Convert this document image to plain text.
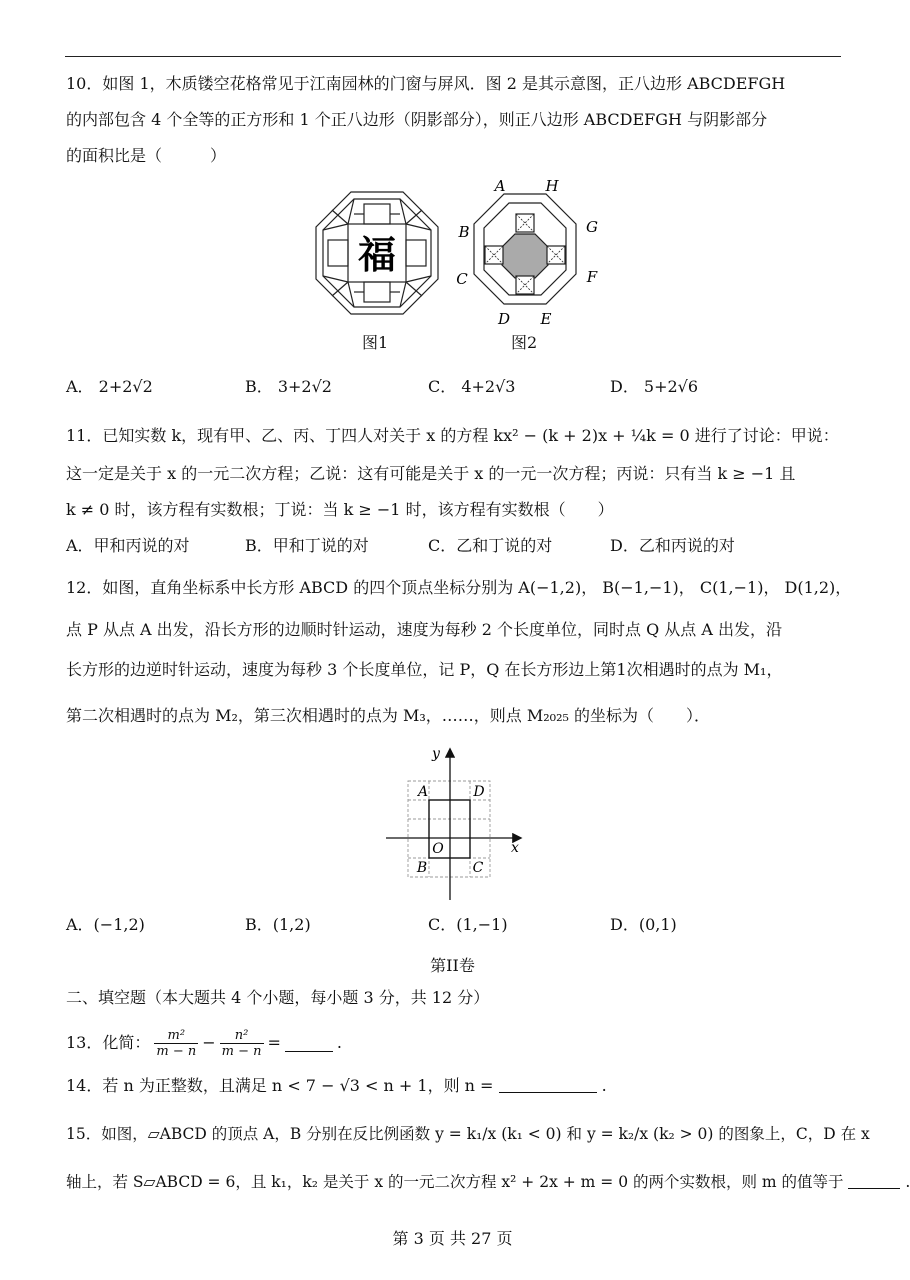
10．如图 1，木质镂空花格常见于江南园林的门窗与屏风．图 2 是其示意图，正八边形 ABCDEFGH
的内部包含 4 个全等的正方形和 1 个正八边形（阴影部分），则正八边形 ABCDEFGH 与阴影部分
的面积比是（　　　）
福
图1
A	H
B	G
C	F
D E
图2
A． 2+2√2	B． 3+2√2	C． 4+2√3	D． 5+2√6
11．已知实数 k，现有甲、乙、丙、丁四人对关于 x 的方程 kx² − (k + 2)x + ¼k = 0 进行了讨论：甲说：
这一定是关于 x 的一元二次方程；乙说：这有可能是关于 x 的一元一次方程；丙说：只有当 k ≥ −1 且
k ≠ 0 时，该方程有实数根；丁说：当 k ≥ −1 时，该方程有实数根（　　）
A．甲和丙说的对	B．甲和丁说的对	C．乙和丁说的对	D．乙和丙说的对
12．如图，直角坐标系中长方形 ABCD 的四个顶点坐标分别为 A(−1,2)， B(−1,−1)， C(1,−1)， D(1,2)，
点 P 从点 A 出发，沿长方形的边顺时针运动，速度为每秒 2 个长度单位，同时点 Q 从点 A 出发，沿
长方形的边逆时针运动，速度为每秒 3 个长度单位，记 P，Q 在长方形边上第1次相遇时的点为 M₁，
第二次相遇时的点为 M₂，第三次相遇时的点为 M₃，……，则点 M₂₀₂₅ 的坐标为（　　）．
y
x
O
A	D
B	C
A．(−1,2)	B．(1,2)	C．(1,−1)	D．(0,1)
第II卷
二、填空题（本大题共 4 个小题，每小题 3 分，共 12 分）
13．化简： m²
$m - n - \frac{\text{n²}}{m - n}$ =	.
14．若 n 为正整数，且满足 n < 7 − √3 < n + 1，则 n =	.
15．如图，▱ABCD 的顶点 A，B 分别在反比例函数 y = k₁/x (k₁ < 0) 和 y = k₂/x (k₂ > 0) 的图象上，C，D 在 x
轴上，若 S▱ABCD = 6，且 k₁，k₂ 是关于 x 的一元二次方程 x² + 2x + m = 0 的两个实数根，则 m 的值等于	.
第 3 页 共 27 页
